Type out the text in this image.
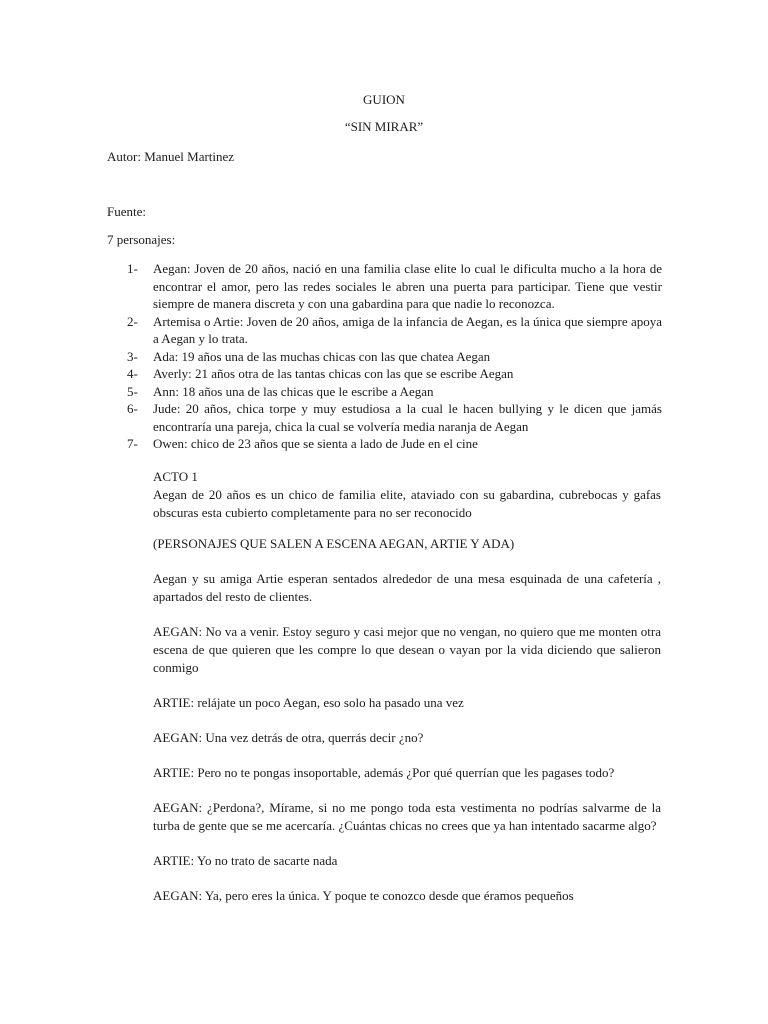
GUION
“SIN MIRAR”
Autor: Manuel Martinez
Fuente:
7 personajes:
1- Aegan: Joven de 20 años, nació en una familia clase elite lo cual le dificulta mucho a la hora de encontrar el amor, pero las redes sociales le abren una puerta para participar. Tiene que vestir siempre de manera discreta y con una gabardina para que nadie lo reconozca.
2- Artemisa o Artie: Joven de 20 años, amiga de la infancia de Aegan, es la única que siempre apoya a Aegan y lo trata.
3- Ada: 19 años una de las muchas chicas con las que chatea Aegan
4- Averly: 21 años otra de las tantas chicas con las que se escribe Aegan
5- Ann: 18 años una de las chicas que le escribe a Aegan
6- Jude: 20 años, chica torpe y muy estudiosa a la cual le hacen bullying y le dicen que jamás encontraría una pareja, chica la cual se volvería media naranja de Aegan
7- Owen: chico de 23 años que se sienta a lado de Jude en el cine

ACTO 1

Aegan de 20 años es un chico de familia elite, ataviado con su gabardina, cubrebocas y gafas obscuras esta cubierto completamente para no ser reconocido

(PERSONAJES QUE SALEN A ESCENA AEGAN, ARTIE Y ADA)

Aegan y su amiga Artie esperan sentados alrededor de una mesa esquinada de una cafetería , apartados del resto de clientes.

AEGAN: No va a venir. Estoy seguro y casi mejor que no vengan, no quiero que me monten otra escena de que quieren que les compre lo que desean o vayan por la vida diciendo que salieron conmigo

ARTIE: relájate un poco Aegan, eso solo ha pasado una vez

AEGAN: Una vez detrás de otra, querrás decir ¿no?

ARTIE: Pero no te pongas insoportable, además ¿Por qué querrían que les pagases todo?

AEGAN: ¿Perdona?, Mírame, si no me pongo toda esta vestimenta no podrías salvarme de la turba de gente que se me acercaría. ¿Cuántas chicas no crees que ya han intentado sacarme algo?

ARTIE: Yo no trato de sacarte nada

AEGAN: Ya, pero eres la única. Y poque te conozco desde que éramos pequeños
